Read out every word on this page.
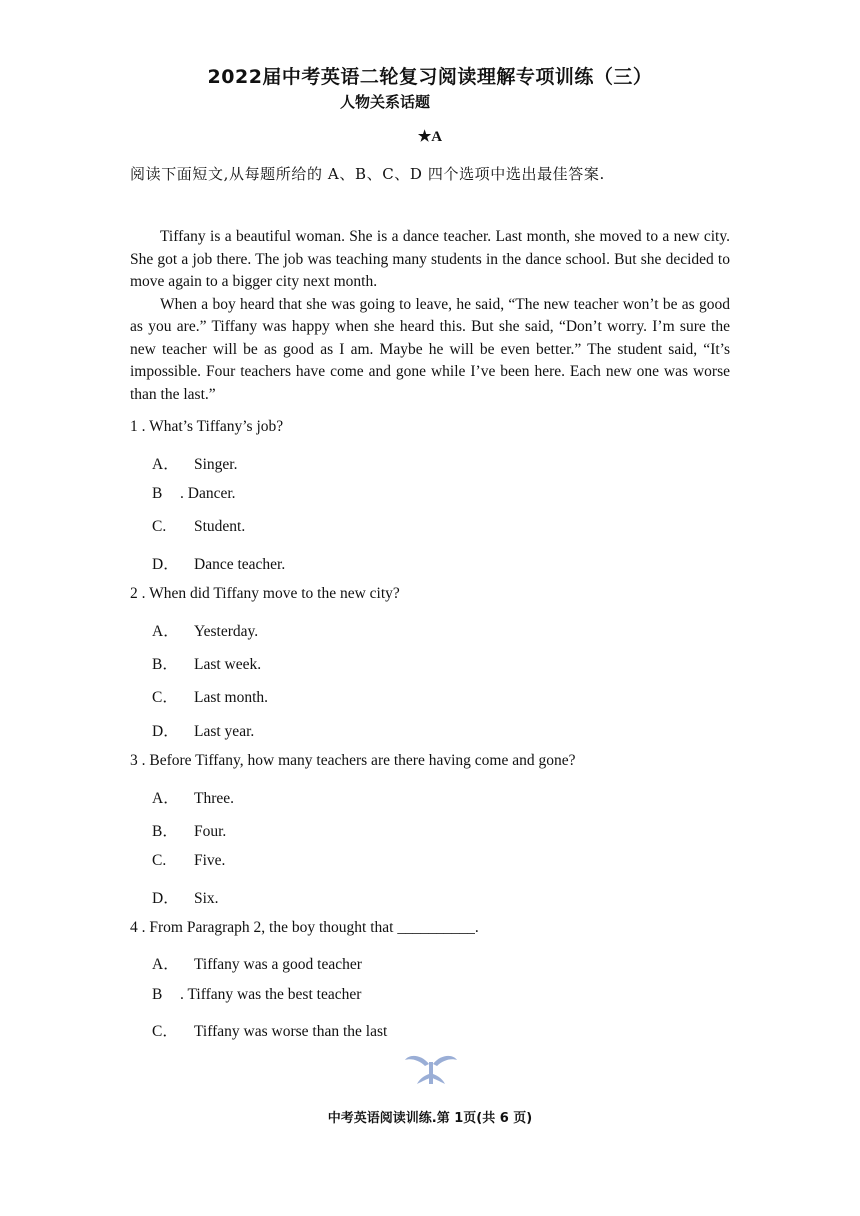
2022届中考英语二轮复习阅读理解专项训练（三）
人物关系话题
★A
阅读下面短文,从每题所给的 A、B、C、D 四个选项中选出最佳答案.

Tiffany is a beautiful woman. She is a dance teacher. Last month, she moved to a new city. She got a job there. The job was teaching many students in the dance school. But she decided to move again to a bigger city next month.

When a boy heard that she was going to leave, he said, “The new teacher won’t be as good as you are.” Tiffany was happy when she heard this. But she said, “Don’t worry. I’m sure the new teacher will be as good as I am. Maybe he will be even better.” The student said, “It’s impossible. Four teachers have come and gone while I’ve been here. Each new one was worse than the last.”

1 . What’s Tiffany’s job?
A． Singer.
B . Dancer.
C. Student.
D． Dance teacher.
2 . When did Tiffany move to the new city?
A． Yesterday.
B． Last week.
C． Last month.
D． Last year.
3 . Before Tiffany, how many teachers are there having come and gone?
A． Three.
B． Four.
C. Five.
D． Six.
4 . From Paragraph 2, the boy thought that __________.
A． Tiffany was a good teacher
B . Tiffany was the best teacher
C． Tiffany was worse than the last
中考英语阅读训练.第 1页(共 6 页)
